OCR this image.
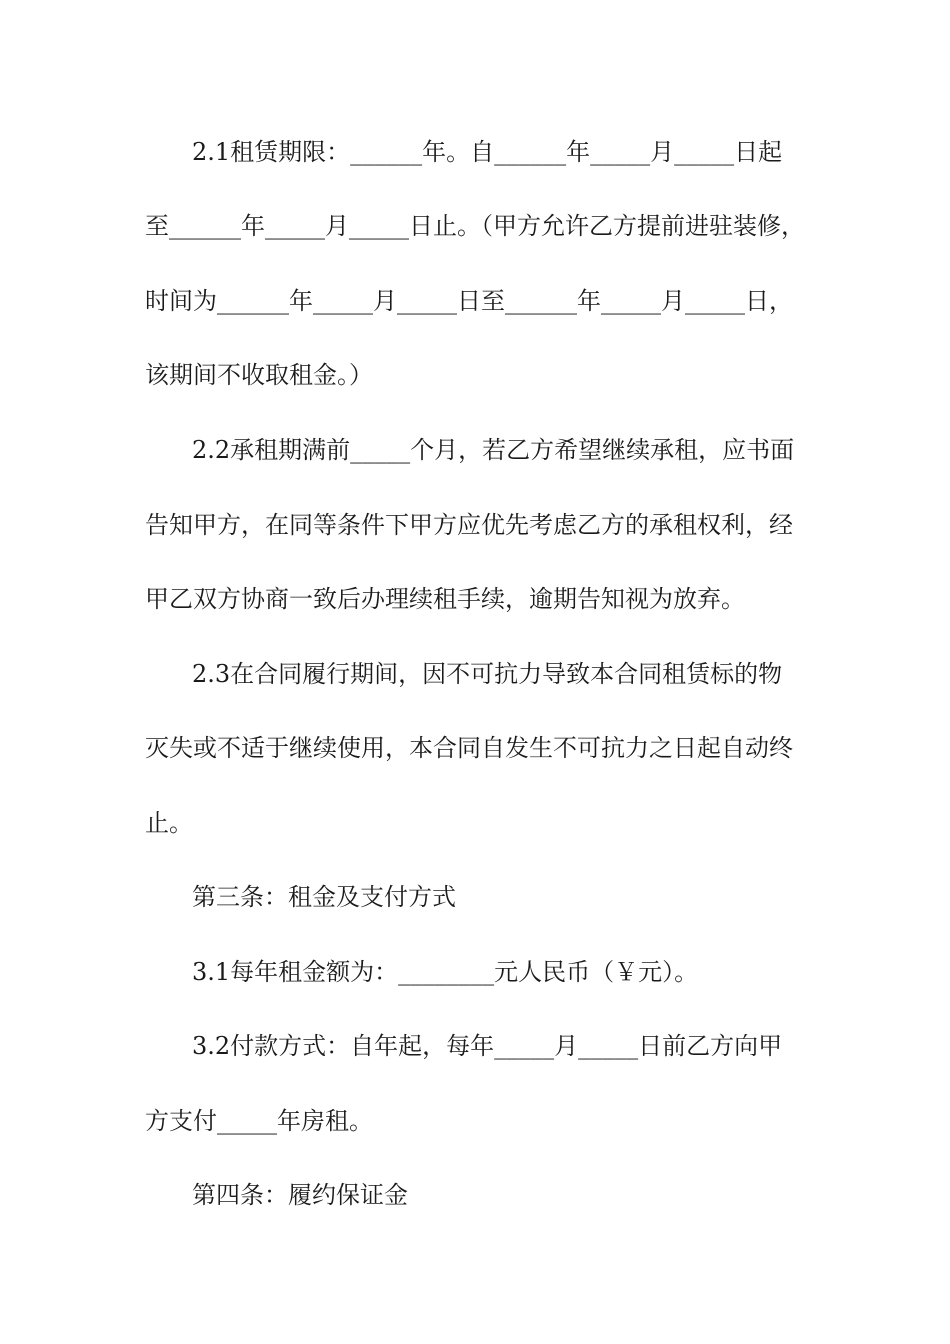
2.1租赁期限：______年。自______年_____月_____日起

至______年_____月_____日止。（甲方允许乙方提前进驻装修，

时间为______年_____月_____日至______年_____月_____日，

该期间不收取租金。）

2.2承租期满前_____个月，若乙方希望继续承租，应书面

告知甲方，在同等条件下甲方应优先考虑乙方的承租权利，经

甲乙双方协商一致后办理续租手续，逾期告知视为放弃。

2.3在合同履行期间，因不可抗力导致本合同租赁标的物

灭失或不适于继续使用，本合同自发生不可抗力之日起自动终

止。

第三条：租金及支付方式

3.1每年租金额为：________元人民币（￥元）。

3.2付款方式：自年起，每年_____月_____日前乙方向甲

方支付_____年房租。

第四条：履约保证金
